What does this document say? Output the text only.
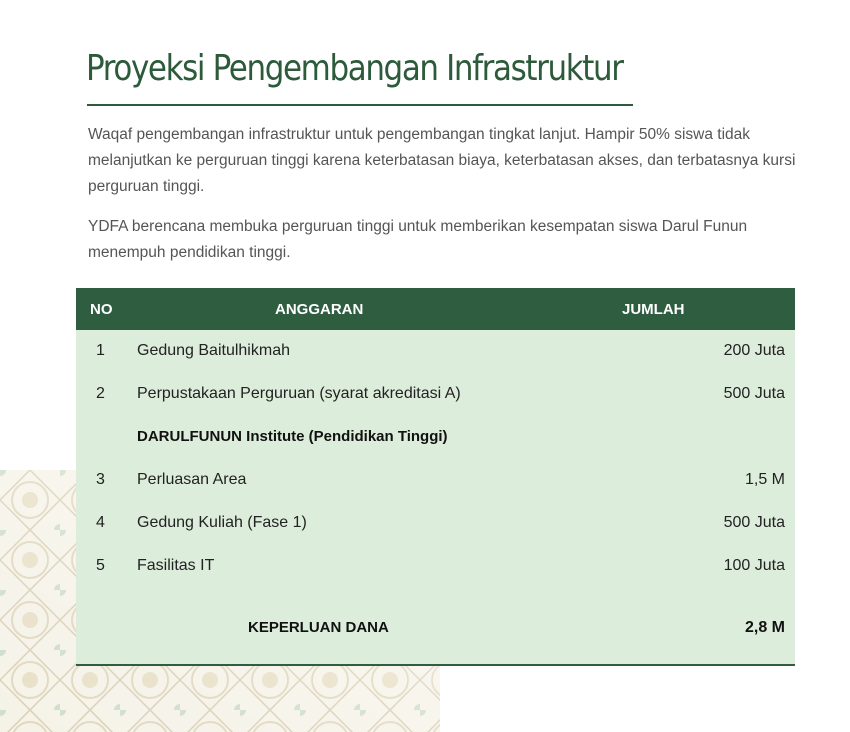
Proyeksi Pengembangan Infrastruktur

Waqaf pengembangan infrastruktur untuk pengembangan tingkat lanjut. Hampir 50% siswa tidak melanjutkan ke perguruan tinggi karena keterbatasan biaya, keterbatasan akses, dan terbatasnya kursi perguruan tinggi.

YDFA berencana membuka perguruan tinggi untuk memberikan kesempatan siswa Darul Funun menempuh pendidikan tinggi.

NO	ANGGARAN	JUMLAH
1 Gedung Baitulhikmah	200 Juta
2 Perpustakaan Perguruan (syarat akreditasi A)	500 Juta
DARULFUNUN Institute (Pendidikan Tinggi)
3 Perluasan Area	1,5 M
4 Gedung Kuliah (Fase 1)	500 Juta
5 Fasilitas IT	100 Juta
KEPERLUAN DANA	2,8 M
